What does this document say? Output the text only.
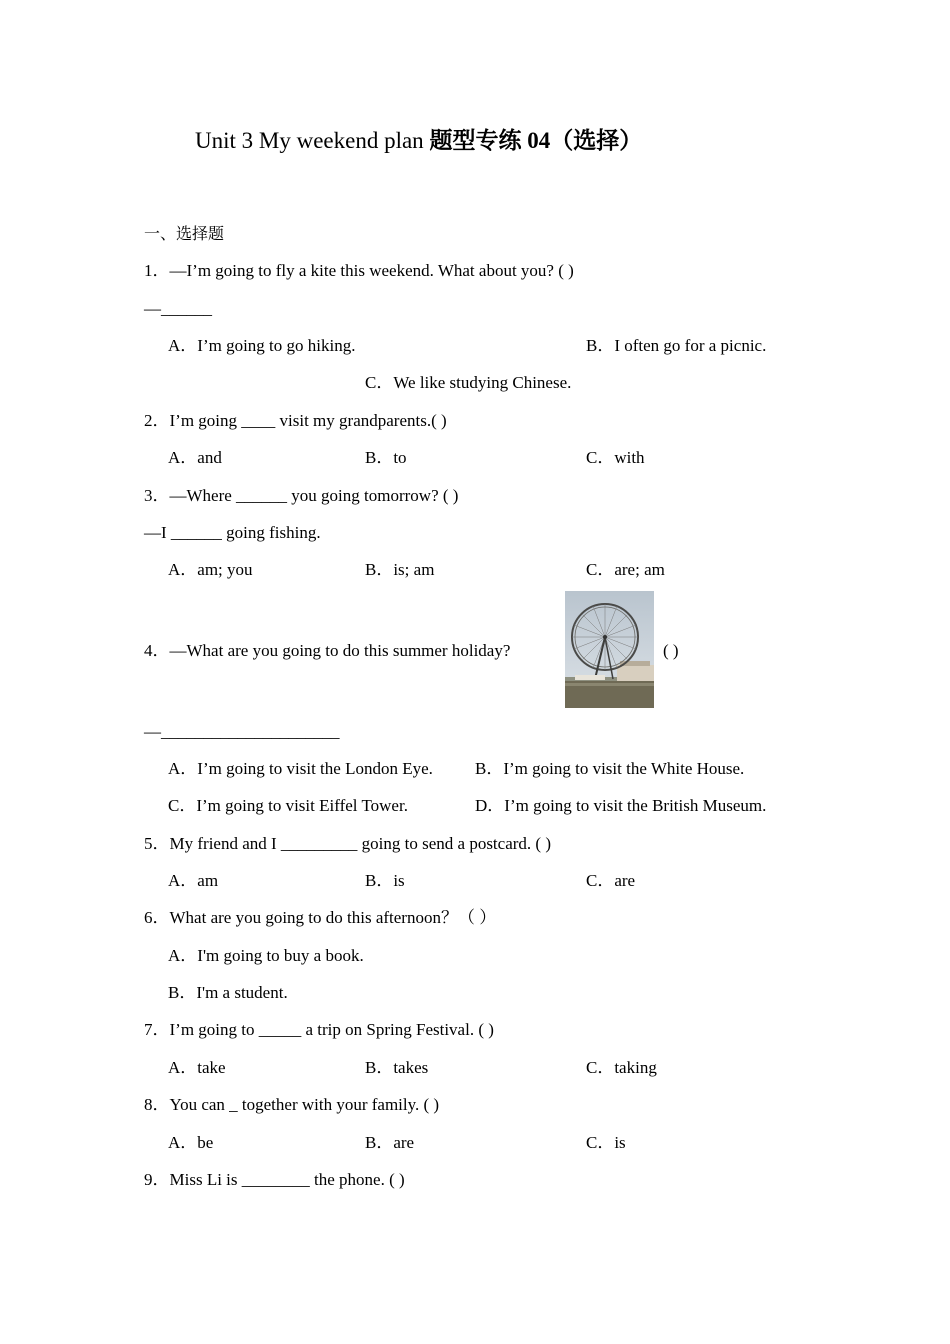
Unit 3 My weekend plan 题型专练 04（选择）
一、选择题
1．—I’m going to fly a kite this weekend. What about you? ( )
—______
A．I’m going to go hiking.	B．I often go for a picnic.
C．We like studying Chinese.
2．I’m going ____ visit my grandparents.( )
A．and	B．to	C．with
3．—Where ______ you going tomorrow? ( )
—I ______ going fishing.
A．am; you	B．is; am	C．are; am
4．—What are you going to do this summer holiday?	( )
—_____________________
A．I’m going to visit the London Eye. B．I’m going to visit the White House.
C．I’m going to visit Eiffel Tower.	D．I’m going to visit the British Museum.
5．My friend and I _________ going to send a postcard. ( )
A．am	B．is	C．are
6．What are you going to do this afternoon？（ ）
A．I'm going to buy a book.
B．I'm a student.
7．I’m going to _____ a trip on Spring Festival. ( )
A．take	B．takes	C．taking
8．You can _ together with your family. ( )
A．be	B．are	C．is
9．Miss Li is ________ the phone. ( )
